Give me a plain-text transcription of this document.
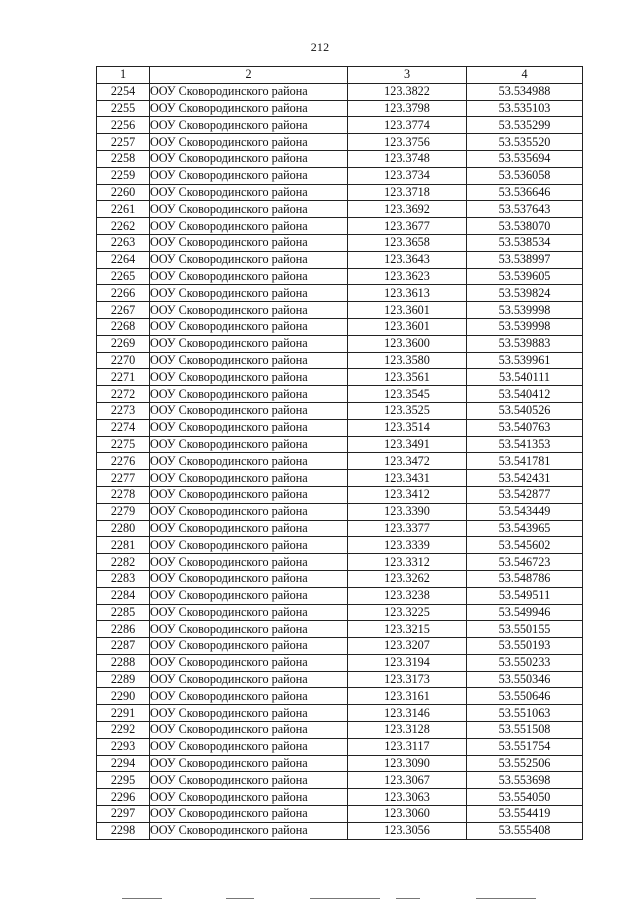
212
1	2	3	4
2254	ООУ Сковородинского района	123.3822	53.534988
2255	ООУ Сковородинского района	123.3798	53.535103
2256	ООУ Сковородинского района	123.3774	53.535299
2257	ООУ Сковородинского района	123.3756	53.535520
2258	ООУ Сковородинского района	123.3748	53.535694
2259	ООУ Сковородинского района	123.3734	53.536058
2260	ООУ Сковородинского района	123.3718	53.536646
2261	ООУ Сковородинского района	123.3692	53.537643
2262	ООУ Сковородинского района	123.3677	53.538070
2263	ООУ Сковородинского района	123.3658	53.538534
2264	ООУ Сковородинского района	123.3643	53.538997
2265	ООУ Сковородинского района	123.3623	53.539605
2266	ООУ Сковородинского района	123.3613	53.539824
2267	ООУ Сковородинского района	123.3601	53.539998
2268	ООУ Сковородинского района	123.3601	53.539998
2269	ООУ Сковородинского района	123.3600	53.539883
2270	ООУ Сковородинского района	123.3580	53.539961
2271	ООУ Сковородинского района	123.3561	53.540111
2272	ООУ Сковородинского района	123.3545	53.540412
2273	ООУ Сковородинского района	123.3525	53.540526
2274	ООУ Сковородинского района	123.3514	53.540763
2275	ООУ Сковородинского района	123.3491	53.541353
2276	ООУ Сковородинского района	123.3472	53.541781
2277	ООУ Сковородинского района	123.3431	53.542431
2278	ООУ Сковородинского района	123.3412	53.542877
2279	ООУ Сковородинского района	123.3390	53.543449
2280	ООУ Сковородинского района	123.3377	53.543965
2281	ООУ Сковородинского района	123.3339	53.545602
2282	ООУ Сковородинского района	123.3312	53.546723
2283	ООУ Сковородинского района	123.3262	53.548786
2284	ООУ Сковородинского района	123.3238	53.549511
2285	ООУ Сковородинского района	123.3225	53.549946
2286	ООУ Сковородинского района	123.3215	53.550155
2287	ООУ Сковородинского района	123.3207	53.550193
2288	ООУ Сковородинского района	123.3194	53.550233
2289	ООУ Сковородинского района	123.3173	53.550346
2290	ООУ Сковородинского района	123.3161	53.550646
2291	ООУ Сковородинского района	123.3146	53.551063
2292	ООУ Сковородинского района	123.3128	53.551508
2293	ООУ Сковородинского района	123.3117	53.551754
2294	ООУ Сковородинского района	123.3090	53.552506
2295	ООУ Сковородинского района	123.3067	53.553698
2296	ООУ Сковородинского района	123.3063	53.554050
2297	ООУ Сковородинского района	123.3060	53.554419
2298	ООУ Сковородинского района	123.3056	53.555408
